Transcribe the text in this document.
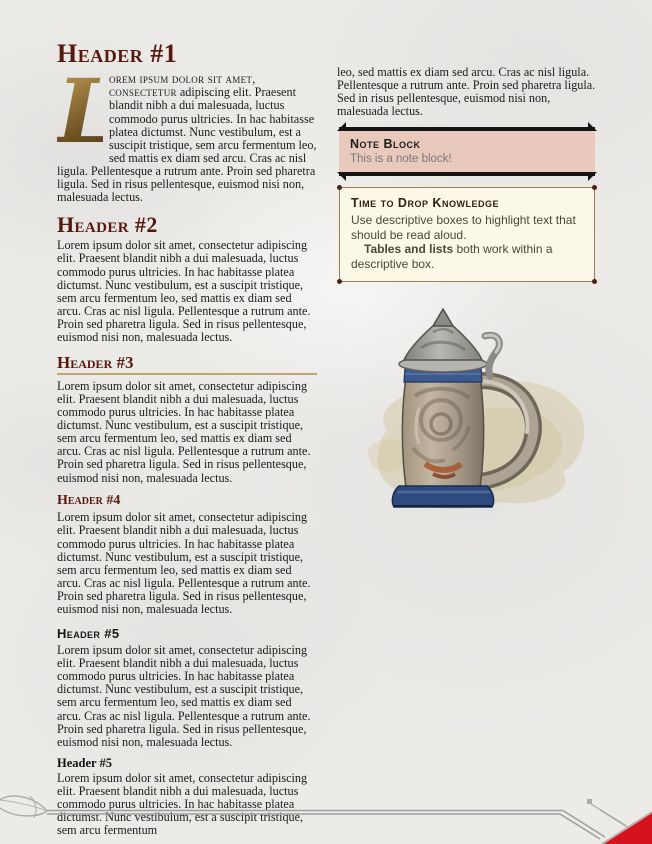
Header #1

L
orem ipsum dolor sit amet, consectetur adipiscing elit. Praesent blandit nibh a dui malesuada, luctus commodo purus ultricies. In hac habitasse platea dictumst. Nunc vestibulum, est a suscipit tristique, sem arcu fermentum leo, sed mattis ex diam sed arcu. Cras ac nisl ligula. Pellentesque a rutrum ante. Proin sed pharetra ligula. Sed in risus pellentesque, euismod nisi non, malesuada lectus.

Header #2

Lorem ipsum dolor sit amet, consectetur adipiscing elit. Praesent blandit nibh a dui malesuada, luctus commodo purus ultricies. In hac habitasse platea dictumst. Nunc vestibulum, est a suscipit tristique, sem arcu fermentum leo, sed mattis ex diam sed arcu. Cras ac nisl ligula. Pellentesque a rutrum ante. Proin sed pharetra ligula. Sed in risus pellentesque, euismod nisi non, malesuada lectus.

Header #3

Lorem ipsum dolor sit amet, consectetur adipiscing elit. Praesent blandit nibh a dui malesuada, luctus commodo purus ultricies. In hac habitasse platea dictumst. Nunc vestibulum, est a suscipit tristique, sem arcu fermentum leo, sed mattis ex diam sed arcu. Cras ac nisl ligula. Pellentesque a rutrum ante. Proin sed pharetra ligula. Sed in risus pellentesque, euismod nisi non, malesuada lectus.

Header #4

Lorem ipsum dolor sit amet, consectetur adipiscing elit. Praesent blandit nibh a dui malesuada, luctus commodo purus ultricies. In hac habitasse platea dictumst. Nunc vestibulum, est a suscipit tristique, sem arcu fermentum leo, sed mattis ex diam sed arcu. Cras ac nisl ligula. Pellentesque a rutrum ante. Proin sed pharetra ligula. Sed in risus pellentesque, euismod nisi non, malesuada lectus.

Header #5

Lorem ipsum dolor sit amet, consectetur adipiscing elit. Praesent blandit nibh a dui malesuada, luctus commodo purus ultricies. In hac habitasse platea dictumst. Nunc vestibulum, est a suscipit tristique, sem arcu fermentum leo, sed mattis ex diam sed arcu. Cras ac nisl ligula. Pellentesque a rutrum ante. Proin sed pharetra ligula. Sed in risus pellentesque, euismod nisi non, malesuada lectus.

Header #5

Lorem ipsum dolor sit amet, consectetur adipiscing elit. Praesent blandit nibh a dui malesuada, luctus commodo purus ultricies. In hac habitasse platea dictumst. Nunc vestibulum, est a suscipit tristique, sem arcu fermentum

leo, sed mattis ex diam sed arcu. Cras ac nisl ligula. Pellentesque a rutrum ante. Proin sed pharetra ligula. Sed in risus pellentesque, euismod nisi non, malesuada lectus.

Note Block
This is a note block!
Time to Drop Knowledge

Use descriptive boxes to highlight text that should be read aloud.

Tables and lists both work within a descriptive box.
